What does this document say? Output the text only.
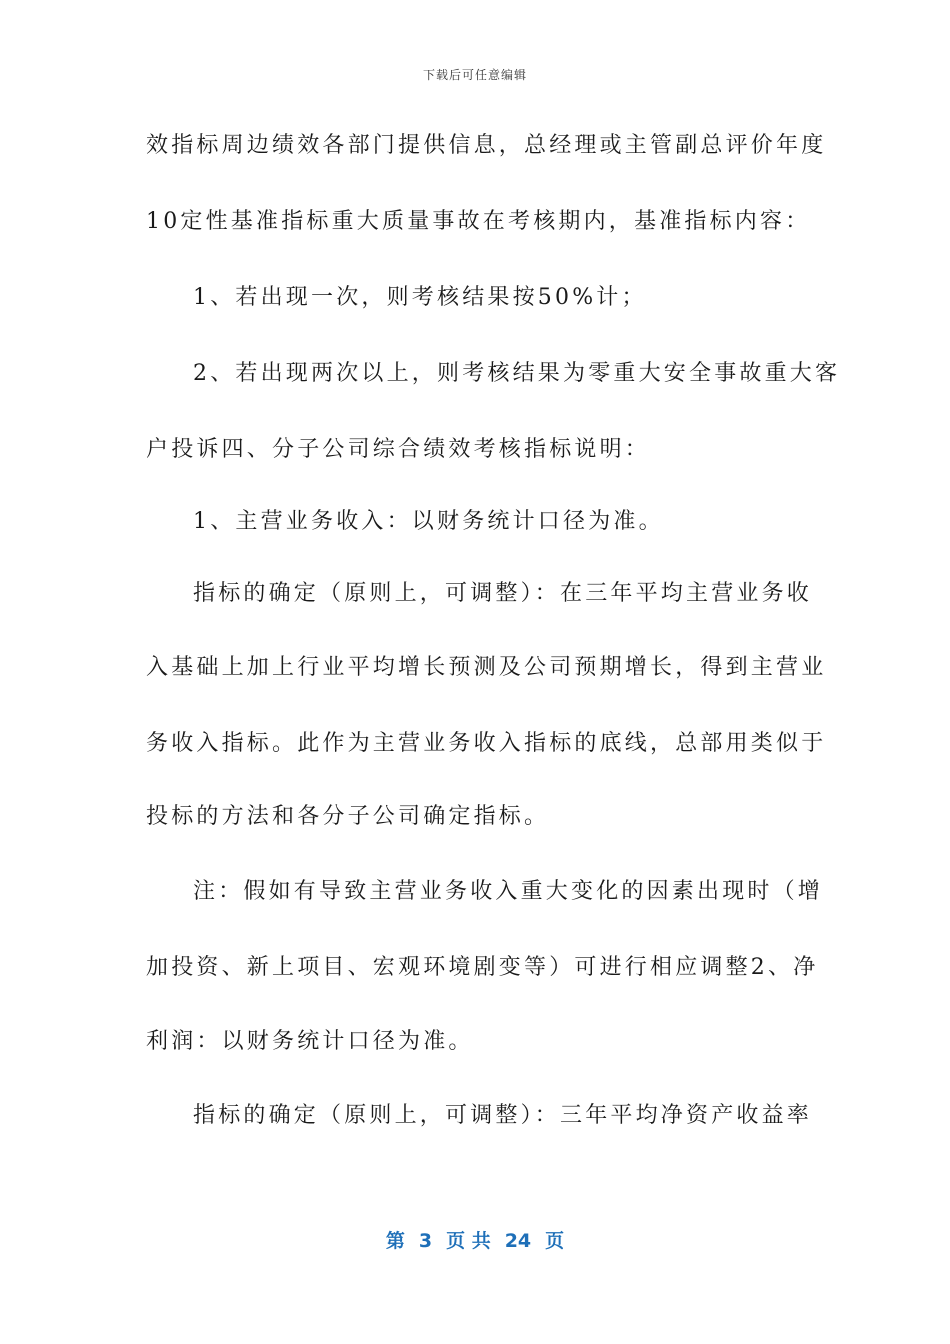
下载后可任意编辑
效指标周边绩效各部门提供信息，总经理或主管副总评价年度
10定性基准指标重大质量事故在考核期内，基准指标内容：
1、若出现一次，则考核结果按50%计；
2、若出现两次以上，则考核结果为零重大安全事故重大客
户投诉四、分子公司综合绩效考核指标说明：
1、主营业务收入：以财务统计口径为准。
指标的确定（原则上，可调整）：在三年平均主营业务收
入基础上加上行业平均增长预测及公司预期增长，得到主营业
务收入指标。此作为主营业务收入指标的底线，总部用类似于
投标的方法和各分子公司确定指标。
注：假如有导致主营业务收入重大变化的因素出现时（增
加投资、新上项目、宏观环境剧变等）可进行相应调整2、净
利润：以财务统计口径为准。
指标的确定（原则上，可调整）：三年平均净资产收益率
第 3 页 共 24 页
